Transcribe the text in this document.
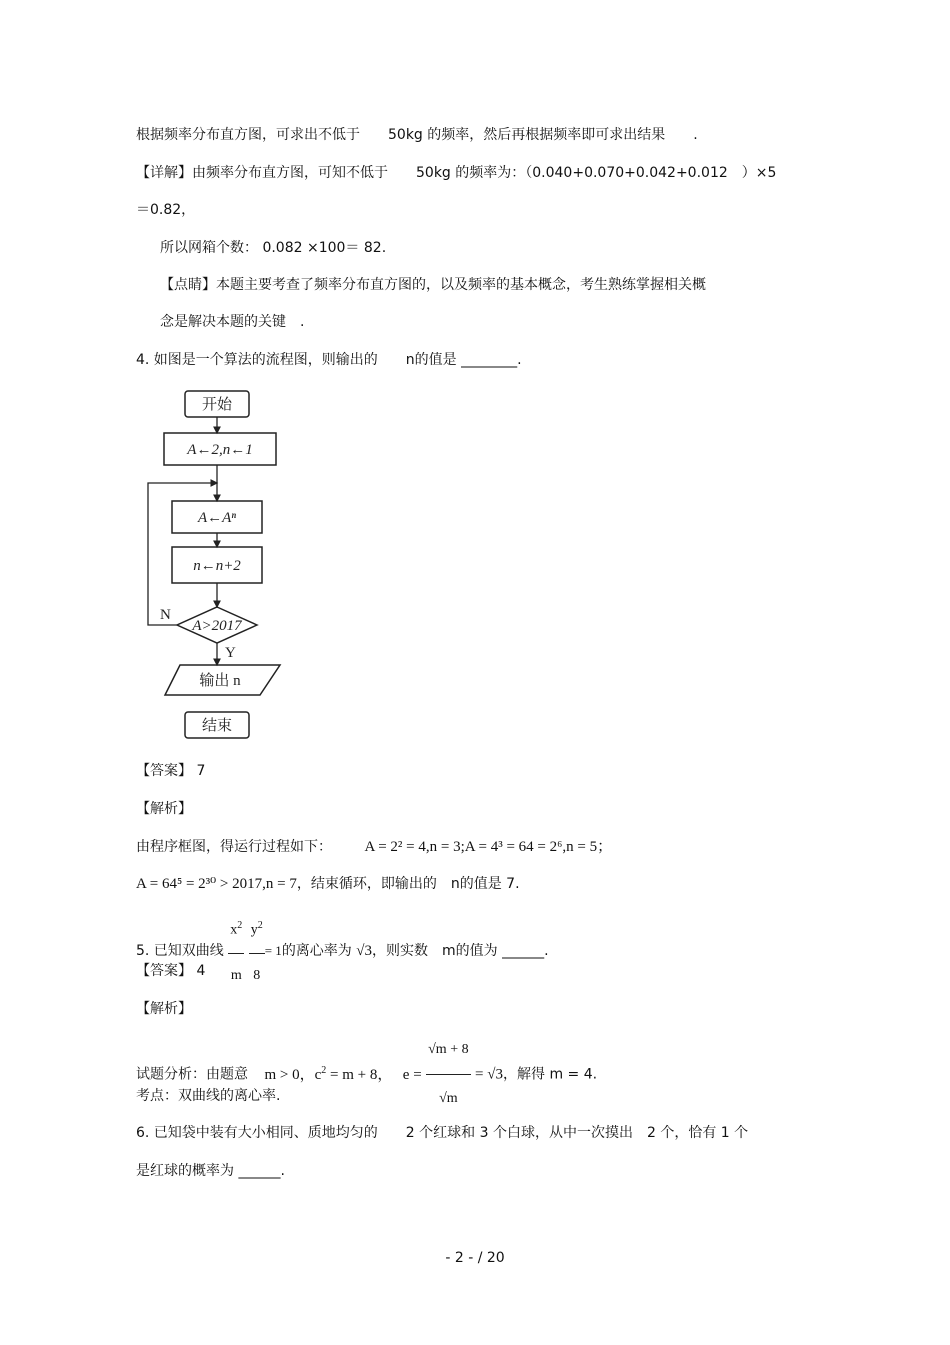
根据频率分布直方图，可求出不低于　　50kg 的频率，然后再根据频率即可求出结果　　.
【详解】由频率分布直方图，可知不低于　　50kg 的频率为：（0.040+0.070+0.042+0.012　）×5
＝0.82，
所以网箱个数： 0.082 ×100＝ 82.
【点睛】本题主要考查了频率分布直方图的，以及频率的基本概念，考生熟练掌握相关概
念是解决本题的关键　.
4. 如图是一个算法的流程图，则输出的　　n的值是 ________.
开始
A←2,n←1
A←Aⁿ
n←n+2
A>2017
N
Y
输出 n
结束
【答案】 7
【解析】
由程序框图，得运行过程如下： A = 2² = 4,n = 3;A = 4³ = 64 = 2⁶,n = 5；
A = 64⁵ = 2³⁰ > 2017,n = 7，结束循环，即输出的　n的值是 7.
5. 已知双曲线 $\frac{x^2}{m}$
$\frac{y^2}{8} = 1$的离心率为 √3，则实数　m的值为 ______.
【答案】 4
【解析】
试题分析：由题意 m > 0，$c^2 = m + 8$， $e = \frac{√m + 8}{√m} = √3$，解得 m = 4.
考点：双曲线的离心率.
6. 已知袋中装有大小相同、质地均匀的　　2 个红球和 3 个白球，从中一次摸出　2 个，恰有 1 个
是红球的概率为 ______.
- 2 - / 20
